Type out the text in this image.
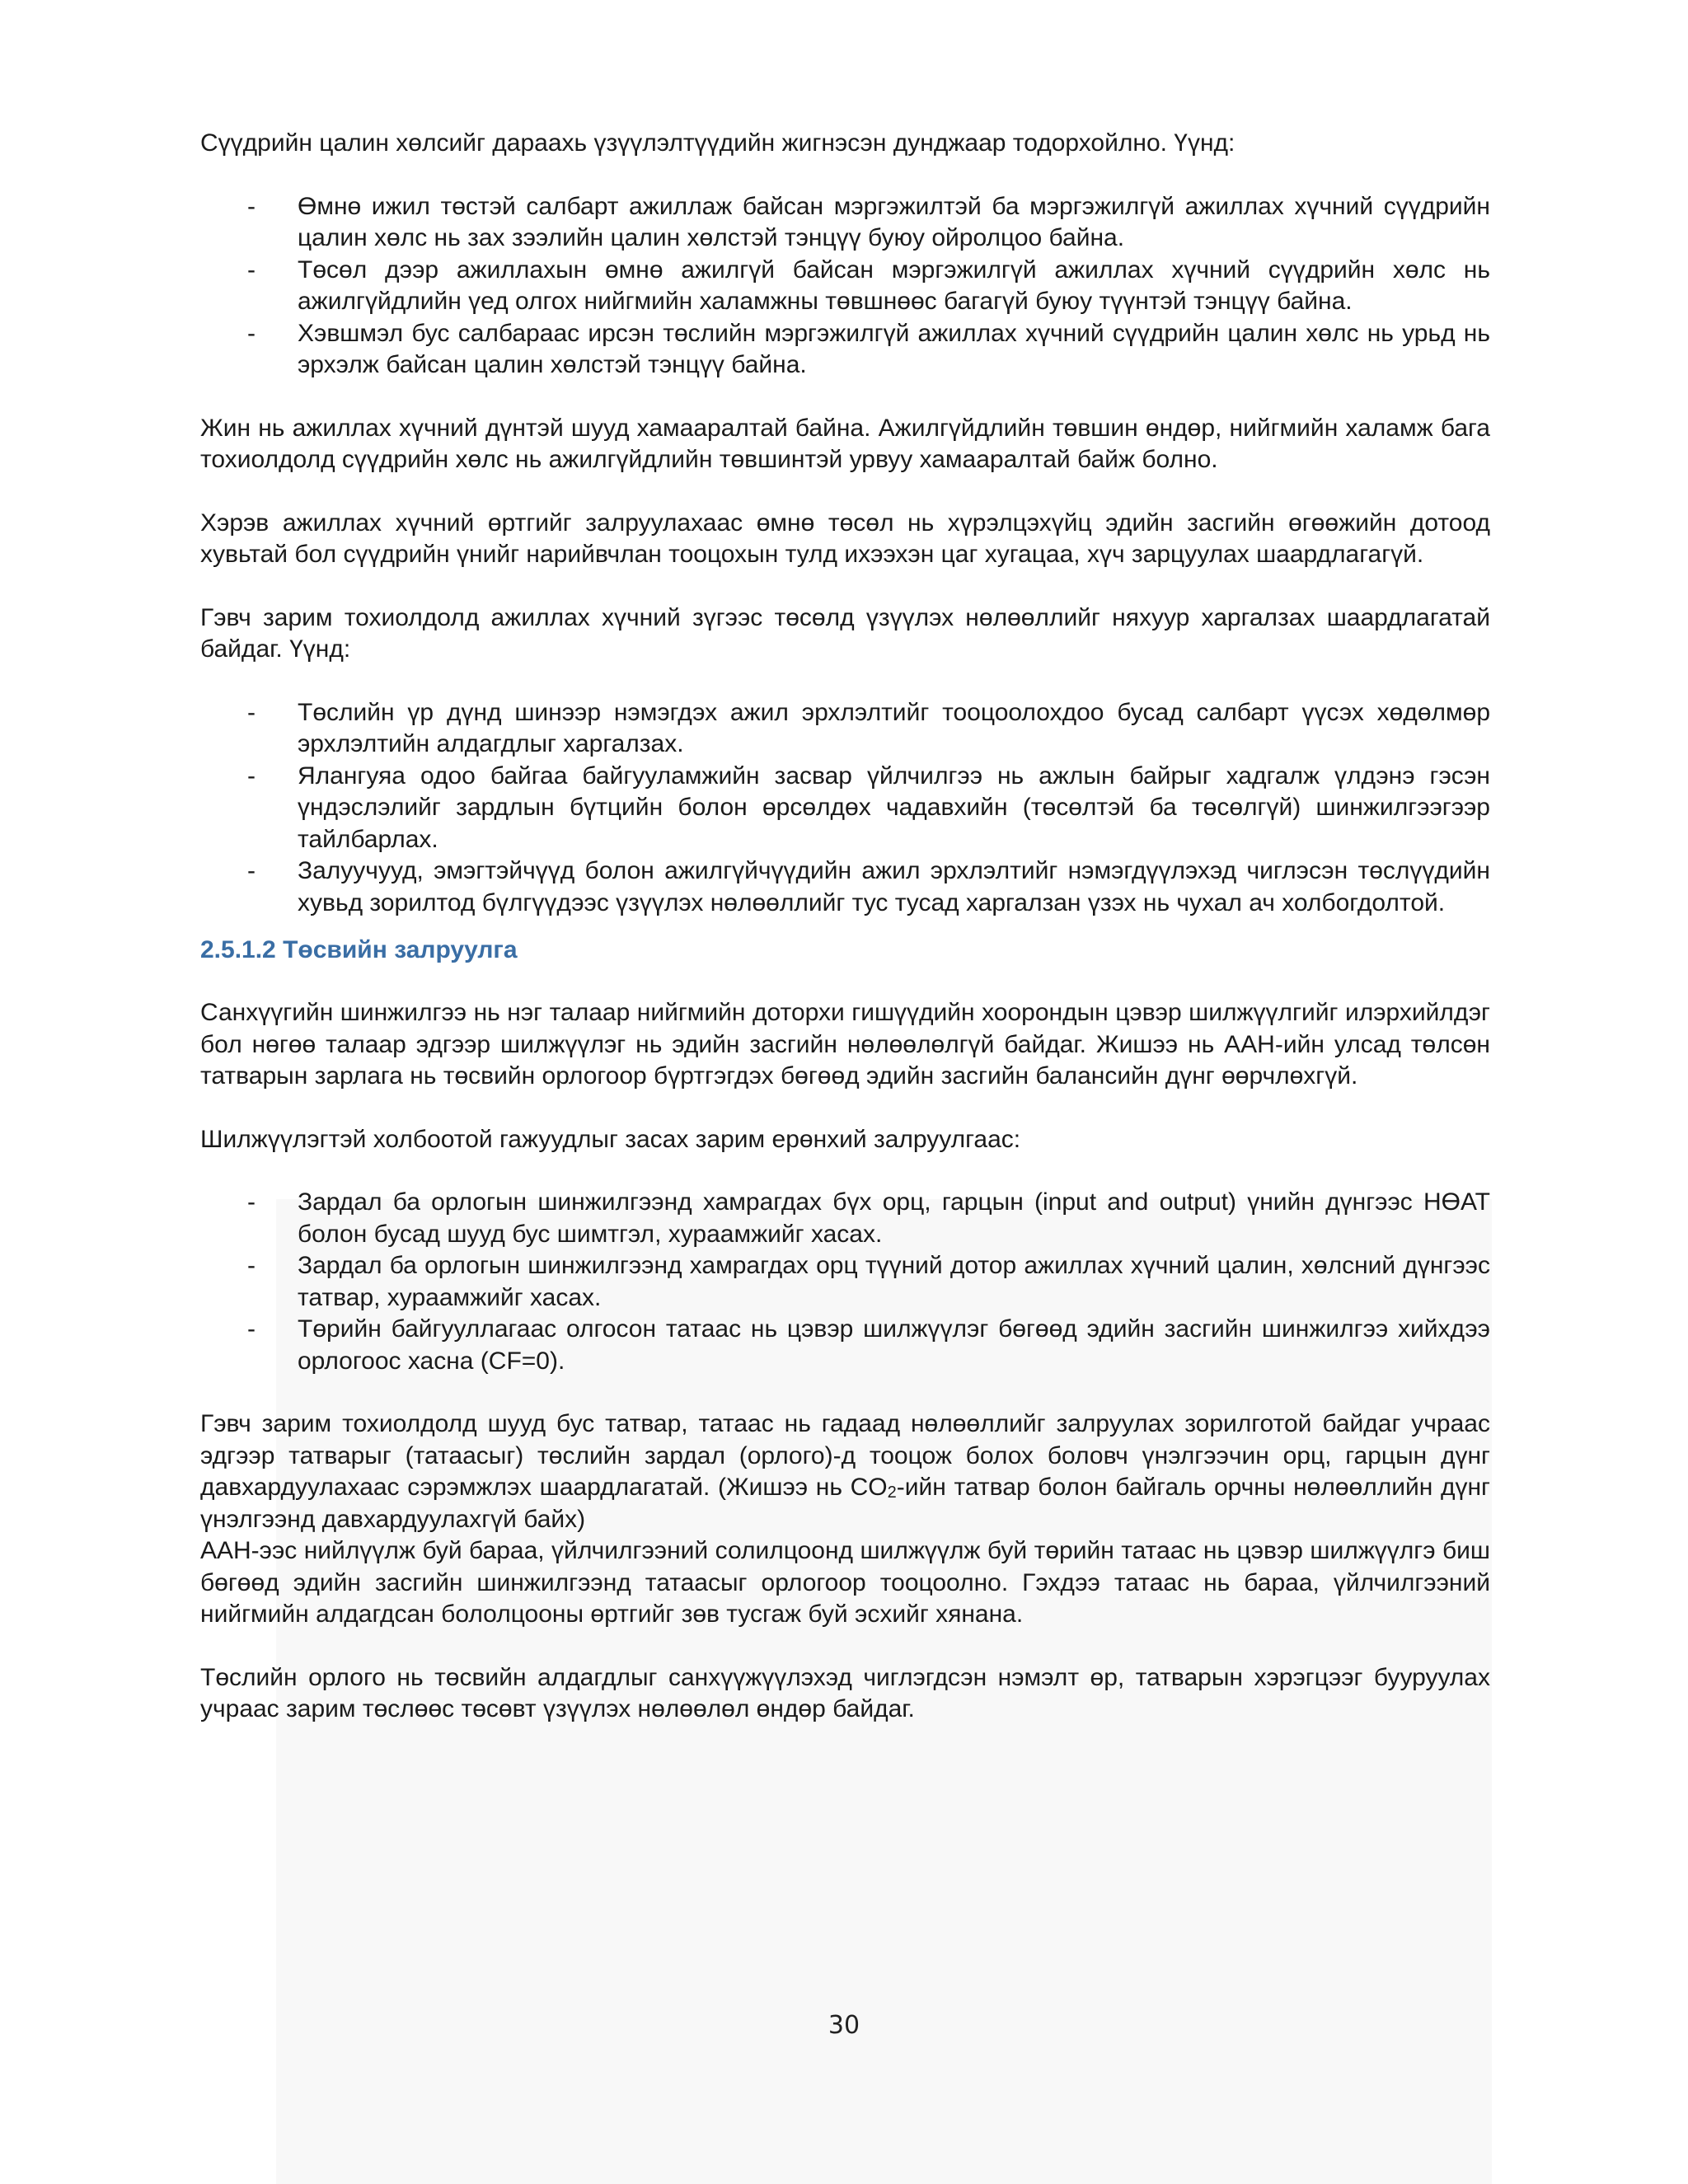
Сүүдрийн цалин хөлсийг дараахь үзүүлэлтүүдийн жигнэсэн дунджаар тодорхойлно. Үүнд:

- Өмнө ижил төстэй салбарт ажиллаж байсан мэргэжилтэй ба мэргэжилгүй ажиллах хүчний сүүдрийн цалин хөлс нь зах зээлийн цалин хөлстэй тэнцүү буюу ойролцоо байна.
- Төсөл дээр ажиллахын өмнө ажилгүй байсан мэргэжилгүй ажиллах хүчний сүүдрийн хөлс нь ажилгүйдлийн үед олгох нийгмийн халамжны төвшнөөс багагүй буюу түүнтэй тэнцүү байна.
- Хэвшмэл бус салбараас ирсэн төслийн мэргэжилгүй ажиллах хүчний сүүдрийн цалин хөлс нь урьд нь эрхэлж байсан цалин хөлстэй тэнцүү байна.

Жин нь ажиллах хүчний дүнтэй шууд хамааралтай байна. Ажилгүйдлийн төвшин өндөр, нийгмийн халамж бага тохиолдолд сүүдрийн хөлс нь ажилгүйдлийн төвшинтэй урвуу хамааралтай байж болно.

Хэрэв ажиллах хүчний өртгийг залруулахаас өмнө төсөл нь хүрэлцэхүйц эдийн засгийн өгөөжийн дотоод хувьтай бол сүүдрийн үнийг нарийвчлан тооцохын тулд ихээхэн цаг хугацаа, хүч зарцуулах шаардлагагүй.

Гэвч зарим тохиолдолд ажиллах хүчний зүгээс төсөлд үзүүлэх нөлөөллийг няхуур харгалзах шаардлагатай байдаг. Үүнд:

- Төслийн үр дүнд шинээр нэмэгдэх ажил эрхлэлтийг тооцоолохдоо бусад салбарт үүсэх хөдөлмөр эрхлэлтийн алдагдлыг харгалзах.
- Ялангуяа одоо байгаа байгууламжийн засвар үйлчилгээ нь ажлын байрыг хадгалж үлдэнэ гэсэн үндэслэлийг зардлын бүтцийн болон өрсөлдөх чадавхийн (төсөлтэй ба төсөлгүй) шинжилгээгээр тайлбарлах.
- Залуучууд, эмэгтэйчүүд болон ажилгүйчүүдийн ажил эрхлэлтийг нэмэгдүүлэхэд чиглэсэн төслүүдийн хувьд зорилтод бүлгүүдээс үзүүлэх нөлөөллийг тус тусад харгалзан үзэх нь чухал ач холбогдолтой.
2.5.1.2 Төсвийн залруулга

Санхүүгийн шинжилгээ нь нэг талаар нийгмийн доторхи гишүүдийн хоорондын цэвэр шилжүүлгийг илэрхийлдэг бол нөгөө талаар эдгээр шилжүүлэг нь эдийн засгийн нөлөөлөлгүй байдаг. Жишээ нь ААН-ийн улсад төлсөн татварын зарлага нь төсвийн орлогоор бүртгэгдэх бөгөөд эдийн засгийн балансийн дүнг өөрчлөхгүй.

Шилжүүлэгтэй холбоотой гажуудлыг засах зарим ерөнхий залруулгаас:

- Зардал ба орлогын шинжилгээнд хамрагдах бүх орц, гарцын (input and output) үнийн дүнгээс НӨАТ болон бусад шууд бус шимтгэл, хураамжийг хасах.
- Зардал ба орлогын шинжилгээнд хамрагдах орц түүний дотор ажиллах хүчний цалин, хөлсний дүнгээс татвар, хураамжийг хасах.
- Төрийн байгууллагаас олгосон татаас нь цэвэр шилжүүлэг бөгөөд эдийн засгийн шинжилгээ хийхдээ орлогоос хасна (CF=0).

Гэвч зарим тохиолдолд шууд бус татвар, татаас нь гадаад нөлөөллийг залруулах зорилготой байдаг учраас эдгээр татварыг (татаасыг) төслийн зардал (орлого)-д тооцож болох боловч үнэлгээчин орц, гарцын дүнг давхардуулахаас сэрэмжлэх шаардлагатай. (Жишээ нь $CO_2$-ийн татвар болон байгаль орчны нөлөөллийн дүнг үнэлгээнд давхардуулахгүй байх)

ААН-ээс нийлүүлж буй бараа, үйлчилгээний солилцоонд шилжүүлж буй төрийн татаас нь цэвэр шилжүүлгэ биш бөгөөд эдийн засгийн шинжилгээнд татаасыг орлогоор тооцоолно. Гэхдээ татаас нь бараа, үйлчилгээний нийгмийн алдагдсан бололцооны өртгийг зөв тусгаж буй эсхийг хянана.

Төслийн орлого нь төсвийн алдагдлыг санхүүжүүлэхэд чиглэгдсэн нэмэлт өр, татварын хэрэгцээг бууруулах учраас зарим төслөөс төсөвт үзүүлэх нөлөөлөл өндөр байдаг.

30
